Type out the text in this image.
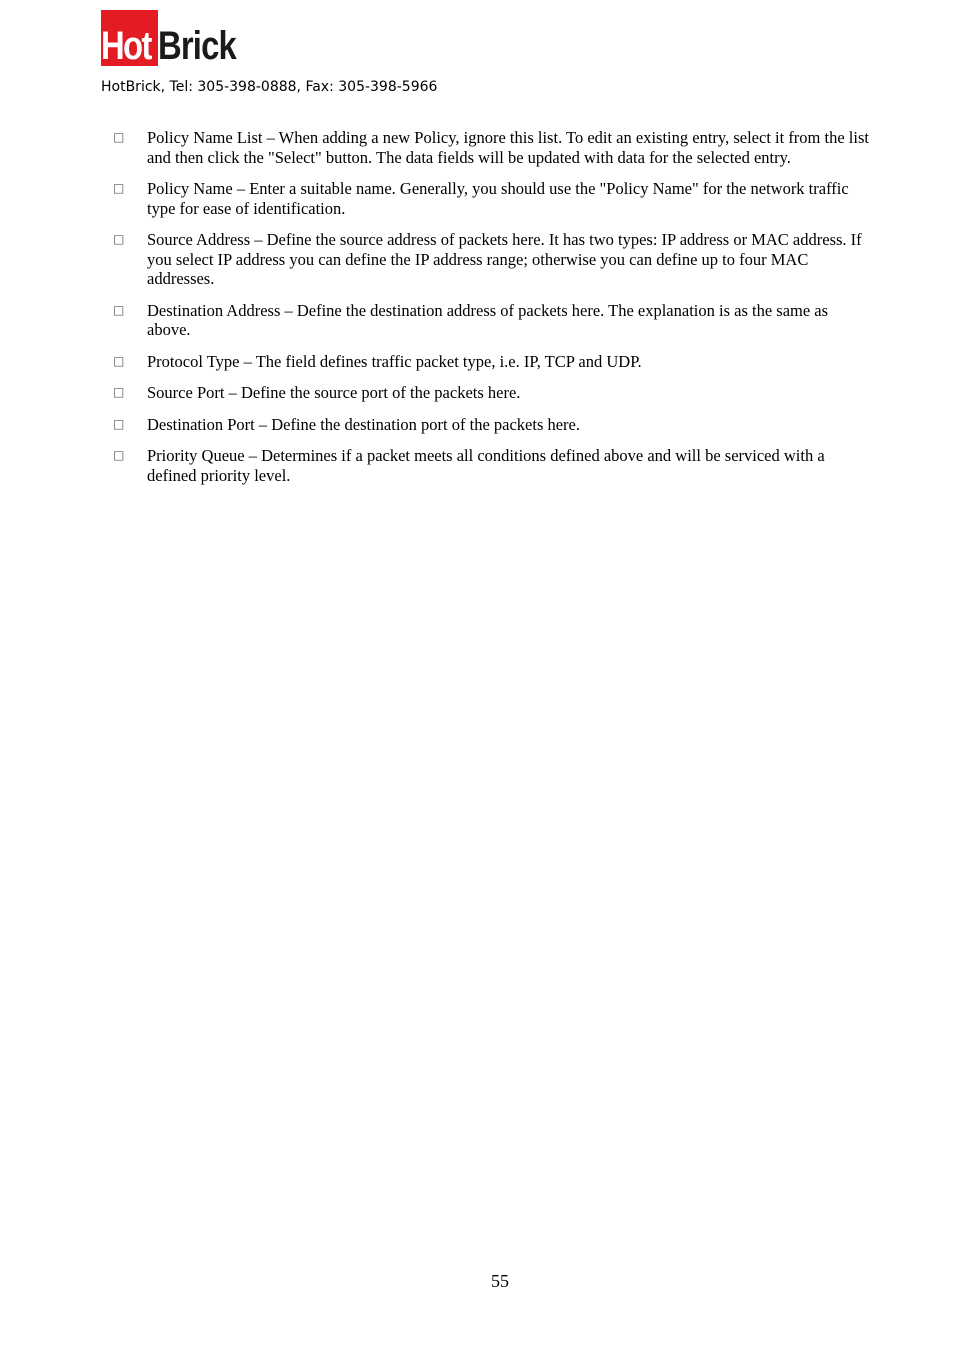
Hot Brick
HotBrick, Tel: 305-398-0888, Fax: 305-398-5966
□	Policy Name List – When adding a new Policy, ignore this list. To edit an existing entry, select it from the list and then click the "Select" button. The data fields will be updated with data for the selected entry.
□	Policy Name – Enter a suitable name. Generally, you should use the "Policy Name" for the network traffic type for ease of identification.
□	Source Address – Define the source address of packets here. It has two types: IP address or MAC address. If you select IP address you can define the IP address range; otherwise you can define up to four MAC addresses.
□	Destination Address – Define the destination address of packets here. The explanation is as the same as above.
□	Protocol Type – The field defines traffic packet type, i.e. IP, TCP and UDP.
□	Source Port – Define the source port of the packets here.
□	Destination Port – Define the destination port of the packets here.
□	Priority Queue – Determines if a packet meets all conditions defined above and will be serviced with a defined priority level.
55
